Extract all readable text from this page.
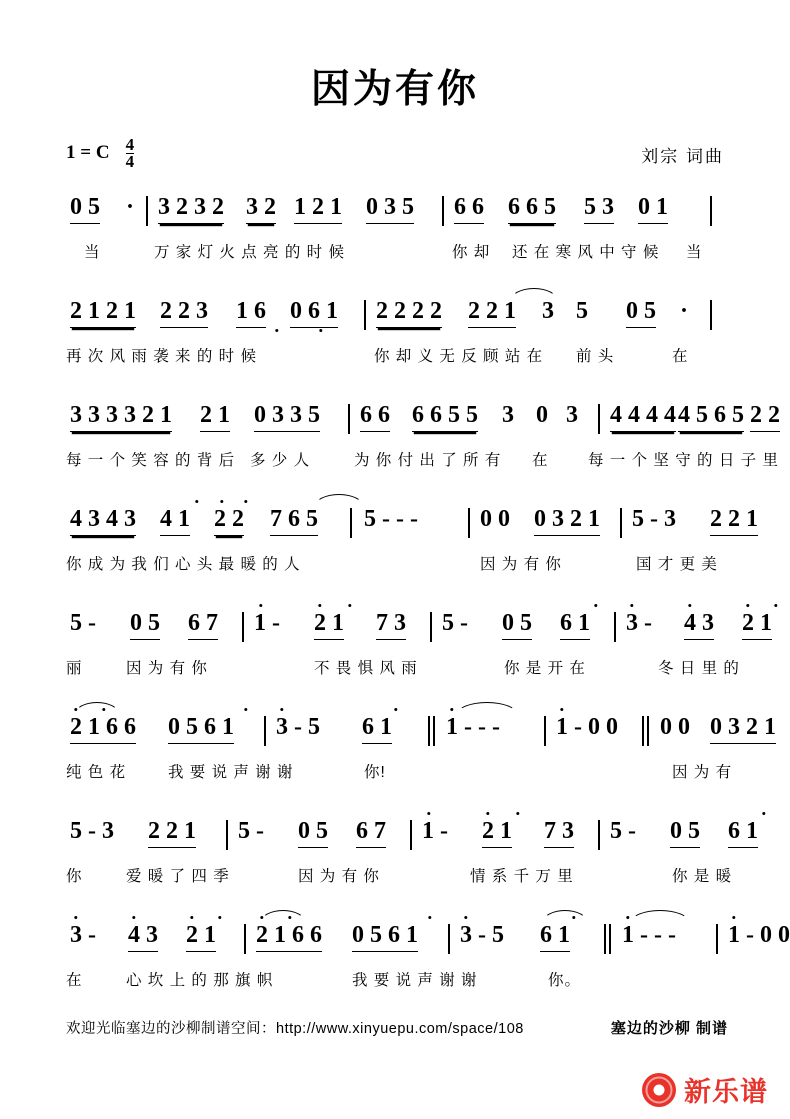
因为有你
1 = C $\frac{4}{4}$	刘宗 词曲
0 5 · 3 2 3 2 3 2 1 2 1 0 3 5 6 6 6 6 5 5 3 0 1
当	万 家 灯 火 点 亮 的 时 候	你 却 还 在 寒 风 中 守 候 当
2 1 2 1 2 2 3 1 6
0 6 1
2 2 2 2 2 2 1 3 5 0 5 ·
再 次 风 雨 袭 来 的 时 候	你 却 义 无 反 顾 站 在 前 头	在
3 3 3 3 2 1 2 1 0 3 3 5 6 6 6 6 5 5 3 0 3 4 4 4 4 4 5 6 5 2 2
每 一 个 笑 容 的 背 后 多 少 人	为 你 付 出 了 所 有 在	每 一 个 坚 守 的 日 子 里
4 3 4 3 4 1
2 2

7 6 5 5 - - -	0 0 0 3 2 1 5 - 3 2 2 1
你 成 为 我 们 心 头 最 暖 的 人	因 为 有 你	国 才 更 美
5 - 0 5 6 7 1 -
2 1

7 3 5 - 0 5 6 1
3 -
4 3
2 1

丽	因 为 有 你	不 畏 惧 风 雨	你 是 开 在	冬 日 里 的
2 1 6 6

0 5 6 1
3 - 5
6 1
1 - - -
1 - 0 0
0 0 0 3 2 1
纯 色 花	我 要 说 声 谢 谢	你!	因 为 有
5 - 3 2 2 1 5 - 0 5 6 7 1 -
2 1

7 3 5 - 0 5 6 1

你	爱 暖 了 四 季	因 为 有 你	情 系 千 万 里	你 是 暖
3 -
4 3
2 1

2 1 6 6

0 5 6 1
3 - 5
6 1
1 - - -
1 - 0 0

在	心 坎 上 的 那 旗 帜	我 要 说 声 谢 谢	你。
欢迎光临塞边的沙柳制谱空间：http://www.xinyuepu.com/space/108	塞边的沙柳 制谱
新乐谱
